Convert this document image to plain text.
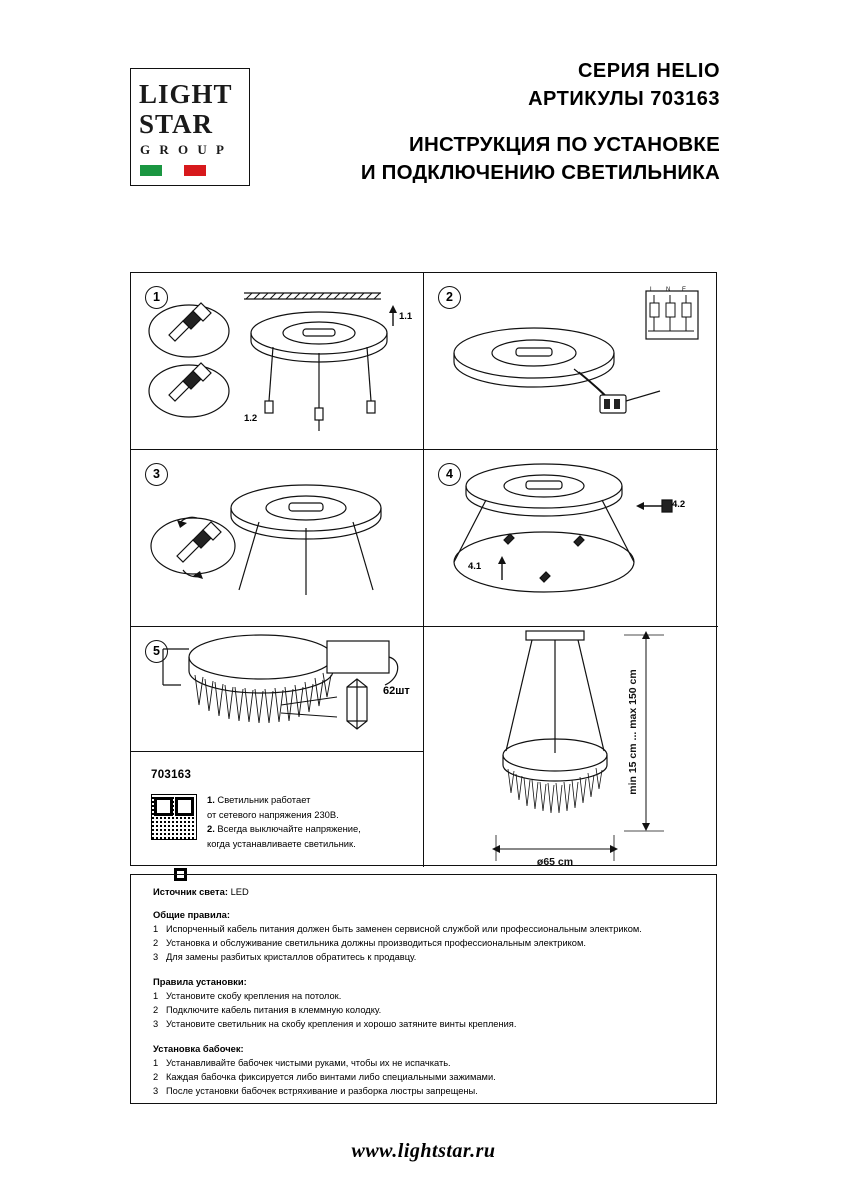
LIGHT
STAR
G R O U P
СЕРИЯ HELIO
АРТИКУЛЫ 703163
ИНСТРУКЦИЯ ПО УСТАНОВКЕ
И ПОДКЛЮЧЕНИЮ СВЕТИЛЬНИКА
1
1.1
1.2
2	L N E
3	4
4.2
4.1
5
62шт
703163
1. Светильник работает
от сетевого напряжения 230В.
2. Всегда выключайте напряжение,
когда устанавливаете светильник.
min 15 cm ... max 150 cm
ø65 cm
Источник света: LED
Общие правила:
1 Испорченный кабель питания должен быть заменен сервисной службой или профессиональным электриком.
2 Установка и обслуживание светильника должны производиться профессиональным электриком.
3 Для замены разбитых кристаллов обратитесь к продавцу.
Правила установки:
1 Установите скобу крепления на потолок.
2 Подключите кабель питания в клеммную колодку.
3 Установите светильник на скобу крепления и хорошо затяните винты крепления.
Установка бабочек:
1 Устанавливайте бабочек чистыми руками, чтобы их не испачкать.
2 Каждая бабочка фиксируется либо винтами либо специальными зажимами.
3 После установки бабочек встряхивание и разборка люстры запрещены.
www.lightstar.ru
